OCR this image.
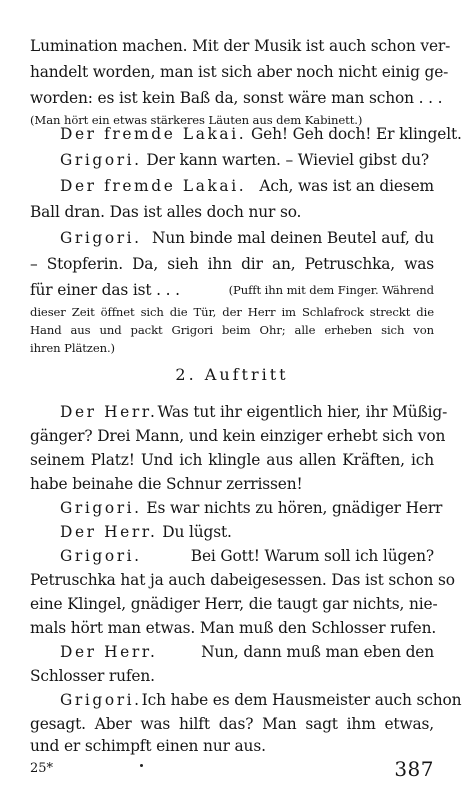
Lumination machen. Mit der Musik ist auch schon ver-
handelt worden, man ist sich aber noch nicht einig ge-
worden: es ist kein Baß da, sonst wäre man schon . . .
(Man hört ein etwas stärkeres Läuten aus dem Kabinett.)
Der fremde Lakai. Geh! Geh doch! Er klingelt.
Grigori. Der kann warten. – Wieviel gibst du?
Der fremde Lakai. Ach, was ist an diesem
Ball dran. Das ist alles doch nur so.
Grigori. Nun binde mal deinen Beutel auf, du
– Stopferin. Da, sieh ihn dir an, Petruschka, was
für einer das ist . . .	(Pufft ihn mit dem Finger. Während
dieser Zeit öffnet sich die Tür, der Herr im Schlafrock streckt die
Hand aus und packt Grigori beim Ohr; alle erheben sich von
ihren Plätzen.)
2. Auftritt
Der Herr. Was tut ihr eigentlich hier, ihr Müßig-
gänger? Drei Mann, und kein einziger erhebt sich von
seinem Platz! Und ich klingle aus allen Kräften, ich
habe beinahe die Schnur zerrissen!
Grigori. Es war nichts zu hören, gnädiger Herr
Der Herr. Du lügst.
Grigori.	Bei Gott! Warum soll ich lügen?
Petruschka hat ja auch dabeigesessen. Das ist schon so
eine Klingel, gnädiger Herr, die taugt gar nichts, nie-
mals hört man etwas. Man muß den Schlosser rufen.
Der Herr.	Nun, dann muß man eben den
Schlosser rufen.
25*	387
Grigori. Ich habe es dem Hausmeister auch schon
gesagt. Aber was hilft das? Man sagt ihm etwas,
und er schimpft einen nur aus.
